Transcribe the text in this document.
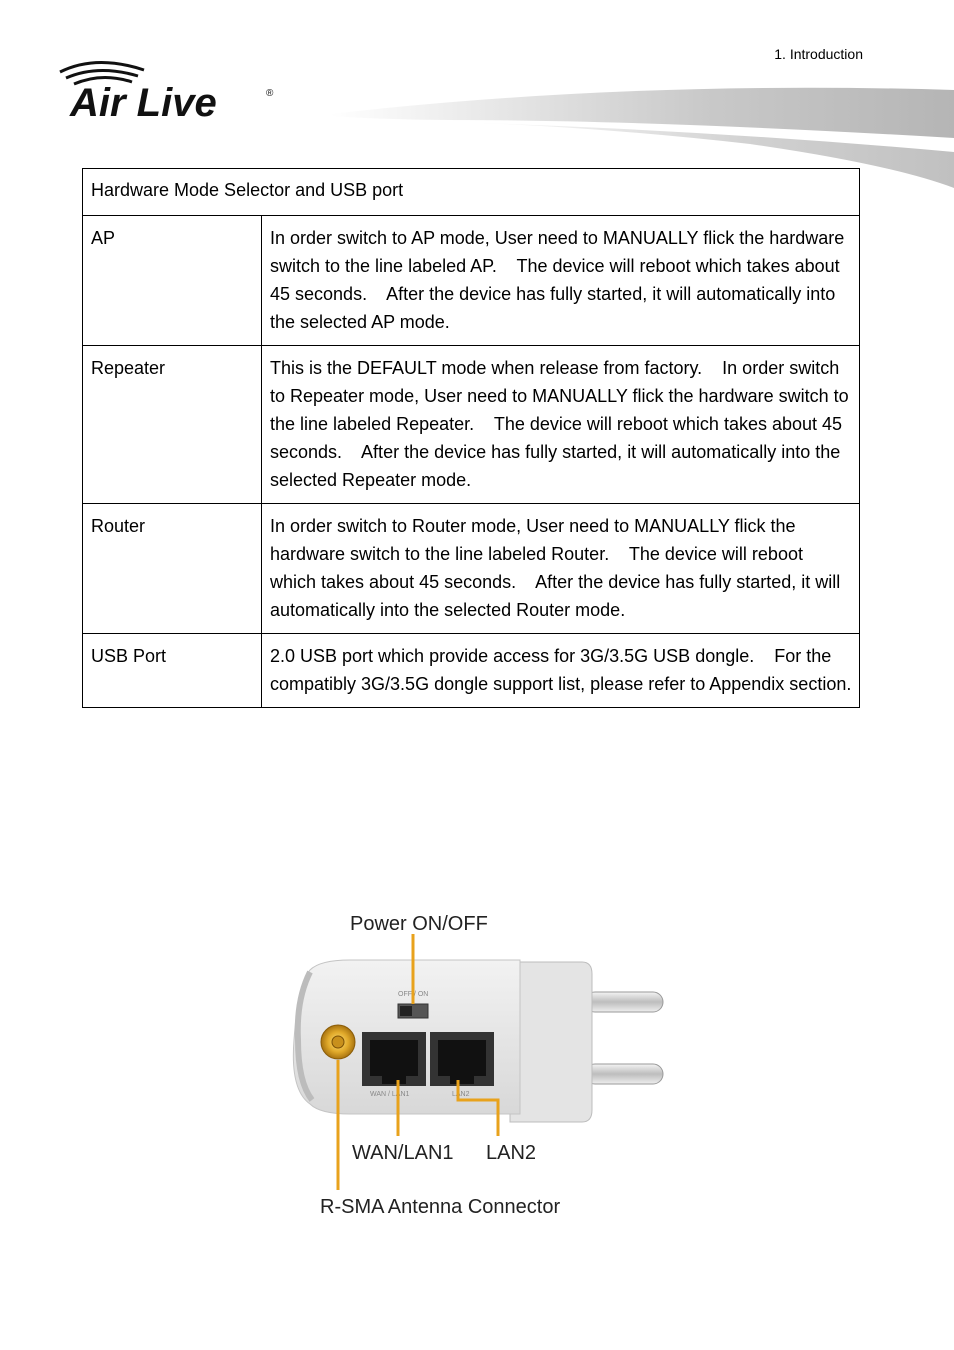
1. Introduction
Air Live	®
Hardware Mode Selector and USB port	
AP	In order switch to AP mode, User need to MANUALLY flick the hardware switch to the line labeled AP.    The device will reboot which takes about 45 seconds.    After the device has fully started, it will automatically into the selected AP mode.
Repeater	This is the DEFAULT mode when release from factory.    In order switch to Repeater mode, User need to MANUALLY flick the hardware switch to the line labeled Repeater.    The device will reboot which takes about 45 seconds.    After the device has fully started, it will automatically into the selected Repeater mode.
Router	In order switch to Router mode, User need to MANUALLY flick the hardware switch to the line labeled Router.    The device will reboot which takes about 45 seconds.    After the device has fully started, it will automatically into the selected Router mode.
USB Port	2.0 USB port which provide access for 3G/3.5G USB dongle.    For the compatibly 3G/3.5G dongle support list, please refer to Appendix section.
OFF / ON
WAN / LAN1	LAN2
Power ON/OFF
WAN/LAN1 LAN2
R-SMA Antenna Connector
